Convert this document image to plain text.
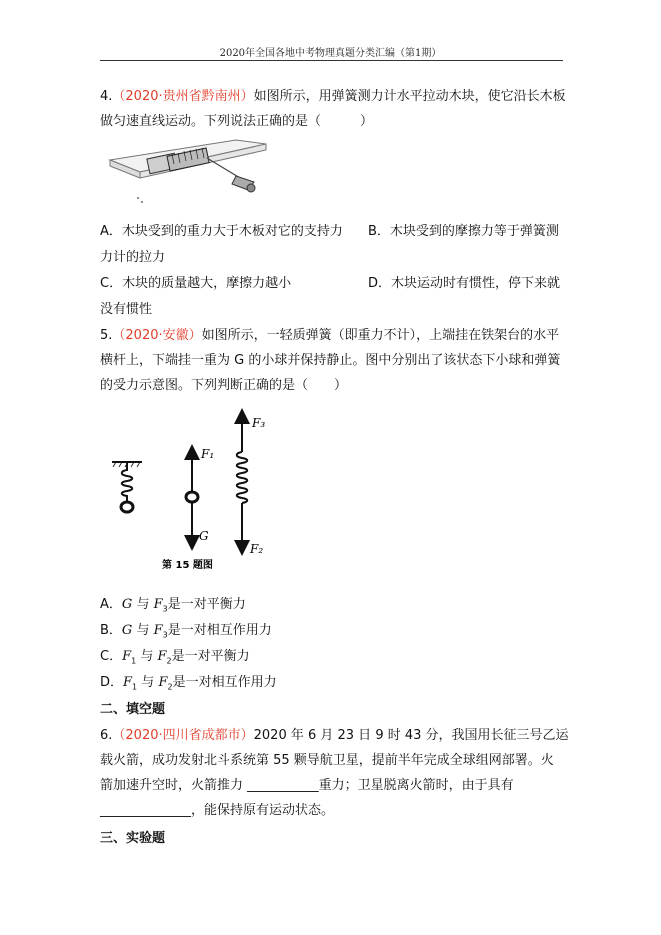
2020年全国各地中考物理真题分类汇编（第1期）
4.（2020·贵州省黔南州）如图所示，用弹簧测力计水平拉动木块，使它沿长木板做匀速直线运动。下列说法正确的是（　　　）
A．木块受到的重力大于木板对它的支持力 B．木块受到的摩擦力等于弹簧测
力计的拉力
C．木块的质量越大，摩擦力越小	D．木块运动时有惯性，停下来就
没有惯性
5.（2020·安徽）如图所示，一轻质弹簧（即重力不计），上端挂在铁架台的水平横杆上，下端挂一重为 G 的小球并保持静止。图中分别出了该状态下小球和弹簧的受力示意图。下列判断正确的是（　　）
F₁
G
F₃
F₂
第 15 题图
A．G 与 $F_3$是一对平衡力
B．G 与 $F_3$是一对相互作用力
C．$F_1$ 与 $F_2$是一对平衡力
D．$F_1$ 与 $F_2$是一对相互作用力
二、填空题
6.（2020·四川省成都市）2020 年 6 月 23 日 9 时 43 分，我国用长征三号乙运
载火箭，成功发射北斗系统第 55 颗导航卫星，提前半年完成全球组网部署。火
箭加速升空时，火箭推力 ___________重力；卫星脱离火箭时，由于具有
______________，能保持原有运动状态。
三、实验题
